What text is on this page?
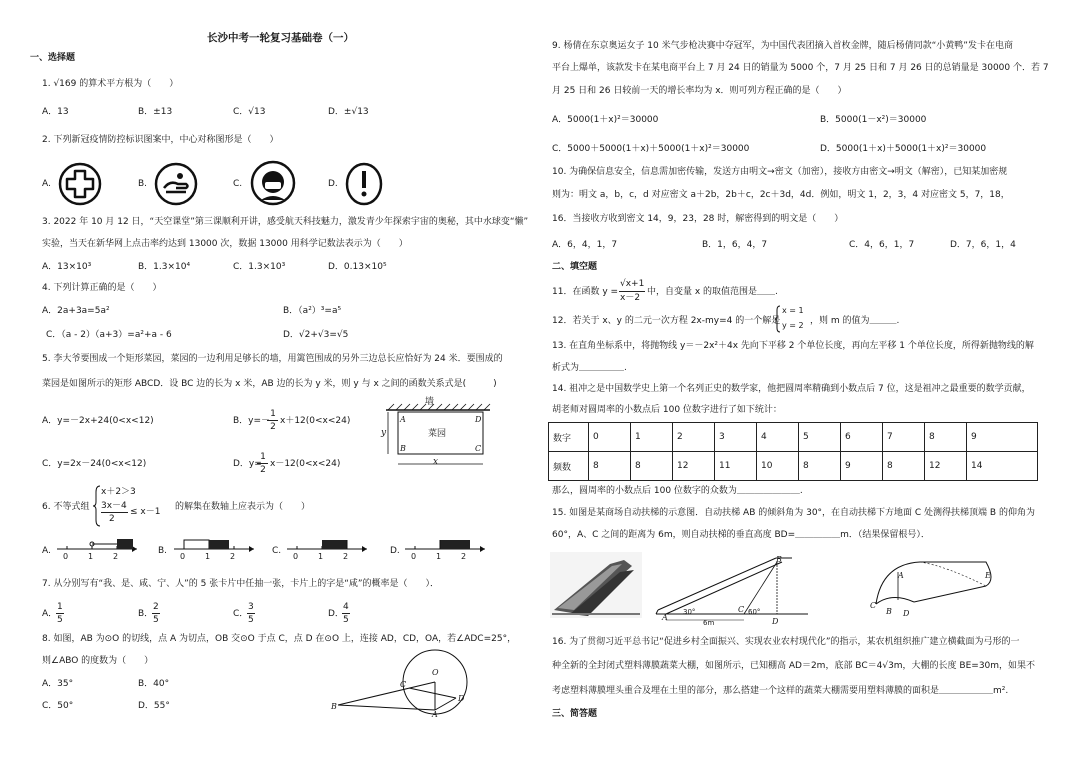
长沙中考一轮复习基础卷（一）
一、选择题
1. √169 的算术平方根为（　　）
A．13	B．±13	C．√13	D．±√13
2. 下列新冠疫情防控标识图案中，中心对称图形是（　　）
A.	B.	C.	D.
3. 2022 年 10 月 12 日，“天空课堂”第三课顺利开讲，感受航天科技魅力，激发青少年探索宇宙的奥秘，其中水球变“懒”
实验，当天在新华网上点击率约达到 13000 次，数据 13000 用科学记数法表示为（　　）
A．13×10³	B．1.3×10⁴	C．1.3×10³	D．0.13×10⁵
4. 下列计算正确的是（　　）
A．2a+3a=5a²	B．（a²）³=a⁵
C．（a - 2）（a+3）=a²+a - 6	D．√2+√3=√5
5. 李大爷要围成一个矩形菜园，菜园的一边利用足够长的墙，用篱笆围成的另外三边总长应恰好为 24 米．要围成的
菜园是如图所示的矩形 ABCD．设 BC 边的长为 x 米，AB 边的长为 y 米，则 y 与 x 之间的函数关系式是(　　　)
A．y=－2x+24(0<x<12)	B．y=－
1
2
x＋12(0<x<24)
C．y=2x－24(0<x<12)	D．y=
1
2
x－12(0<x<24)
墙
菜园
A	D
B	C
x
y
6. 不等式组
x＋2＞3
3x－4
2
≤ x－1 的解集在数轴上应表示为（　　）
A.
0 1 2
B.
0 1 2
C.
0 1 2
D.
0 1 2
7. 从分别写有“我、是、咸、宁、人”的 5 张卡片中任抽一张，卡片上的字是“咸”的概率是（　　）．
A．
1
5
B．
2
5
C．
3
5
D．
4
5
8. 如图，AB 为⊙O 的切线，点 A 为切点，OB 交⊙O 于点 C，点 D 在⊙O 上，连接 AD，CD，OA，若∠ADC=25°，
则∠ABO 的度数为（　　）
A．35°	B．40°
C．50°	D．55°
O
C
D
B
A
9. 杨倩在东京奥运女子 10 米气步枪决赛中夺冠军，为中国代表团摘入首枚金牌，随后杨倩同款“小黄鸭”发卡在电商
平台上爆单，该款发卡在某电商平台上 7 月 24 日的销量为 5000 个，7 月 25 日和 7 月 26 日的总销量是 30000 个．若 7
月 25 日和 26 日较前一天的增长率均为 x．则可列方程正确的是（　　）
A．5000(1＋x)²＝30000	B．5000(1－x²)＝30000
C．5000＋5000(1＋x)＋5000(1＋x)²＝30000	D．5000(1＋x)＋5000(1＋x)²＝30000
10. 为确保信息安全，信息需加密传输，发送方由明文→密文（加密），接收方由密文→明文（解密），已知某加密规
则为：明文 a，b，c，d 对应密文 a＋2b，2b＋c，2c＋3d，4d．例如，明文 1，2，3，4 对应密文 5，7，18，
16．当接收方收到密文 14，9，23，28 时，解密得到的明文是（　　）
A．6，4，1，7	B．1，6，4，7	C．4，6，1，7	D．7，6，1，4
二、填空题
11．在函数 y =
√x+1
x－2
中，自变量 x 的取值范围是＿＿.
12．若关于 x、y 的二元一次方程 2x-my=4 的一个解是
x = 1
y = 2 ，则 m 的值为＿＿＿.
13. 在直角坐标系中，将抛物线 y＝－2x²＋4x 先向下平移 2 个单位长度，再向左平移 1 个单位长度，所得新抛物线的解
析式为＿＿＿＿＿.
14. 祖冲之是中国数学史上第一个名列正史的数学家，他把圆周率精确到小数点后 7 位，这是祖冲之最重要的数学贡献，
胡老师对圆周率的小数点后 100 位数字进行了如下统计：
数字	0	1	2	3	4	5	6	7	8	9
频数	8	8	12	11	10	8	9	8	12	14
那么，圆周率的小数点后 100 位数字的众数为＿＿＿＿＿＿＿.
15. 如图是某商场自动扶梯的示意图．自动扶梯 AB 的倾斜角为 30°，在自动扶梯下方地面 C 处测得扶梯顶端 B 的仰角为
60°，A、C 之间的距离为 6m，则自动扶梯的垂直高度 BD=＿＿＿＿＿m．（结果保留根号）．
B
A
C
D
30°	60°
6m
A
B
C
D
E
16. 为了贯彻习近平总书记“促进乡村全面振兴、实现农业农村现代化”的指示，某农机组织推广建立横截面为弓形的一
种全新的全封闭式塑料薄膜蔬菜大棚，如图所示，已知棚高 AD＝2m，底部 BC＝4√3m，大棚的长度 BE=30m，如果不
考虑塑料薄膜埋头重合及埋在土里的部分，那么搭建一个这样的蔬菜大棚需要用塑料薄膜的面积是＿＿＿＿＿＿m².
三、简答题
